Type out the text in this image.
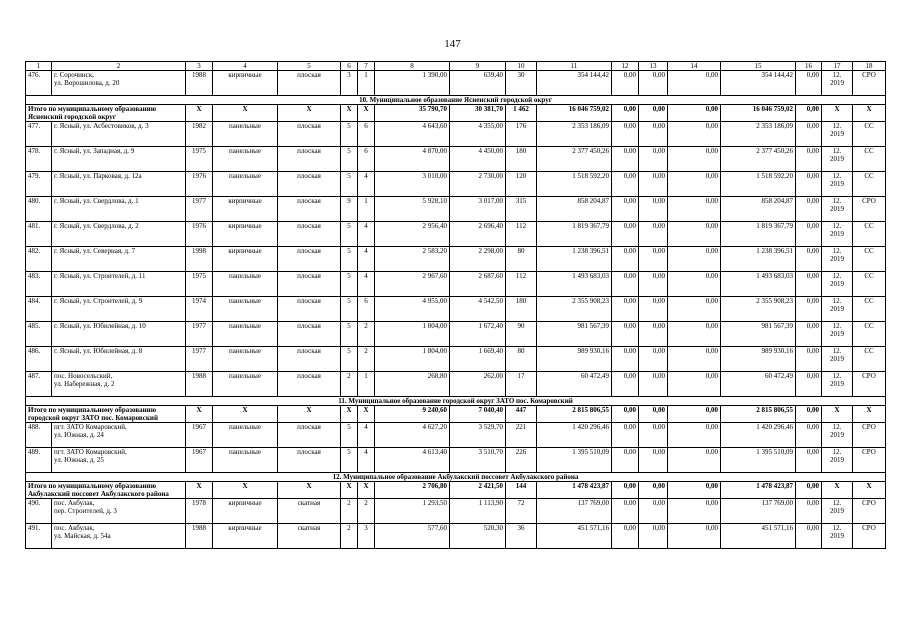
147
1	2	3	4	5	6	7	8	9	10	11	12	13	14	15	16	17	18
476.	г. Сорочинск,
ул. Ворошилова, д. 20	1988	кирпичные	плоская	3	1	1 390,00	639,40	30	354 144,42	0,00	0,00	0,00	354 144,42	0,00	12.
2019	СРО
10. Муниципальное образование Ясненский городской округ																	
Итого по муниципальному образованию Ясненский городской округ		X	X	X	X	X	35 790,70	30 381,70	1 462	16 046 759,02	0,00	0,00	0,00	16 046 759,02	0,00	X	X
477.	г. Ясный, ул. Асбестовиков, д. 3	1982	панельные	плоская	5	6	4 643,60	4 355,00	176	2 353 186,09	0,00	0,00	0,00	2 353 186,09	0,00	12.
2019	СС
478.	г. Ясный, ул. Западная, д. 9	1975	панельные	плоская	5	6	4 870,00	4 450,00	180	2 377 450,26	0,00	0,00	0,00	2 377 450,26	0,00	12.
2019	СС
479.	г. Ясный, ул. Парковая, д. 12а	1976	панельные	плоская	5	4	3 010,00	2 730,00	120	1 518 592,20	0,00	0,00	0,00	1 518 592,20	0,00	12.
2019	СС
480.	г. Ясный, ул. Свердлова, д. 1	1977	кирпичные	плоская	9	1	5 928,10	3 017,00	315	858 204,87	0,00	0,00	0,00	858 204,87	0,00	12.
2019	СРО
481.	г. Ясный, ул. Свердлова, д. 2	1976	кирпичные	плоская	5	4	2 956,40	2 696,40	112	1 819 367,79	0,00	0,00	0,00	1 819 367,79	0,00	12.
2019	СС
482.	г. Ясный, ул. Северная, д. 7	1998	кирпичные	плоская	5	4	2 583,20	2 298,00	80	1 238 396,51	0,00	0,00	0,00	1 238 396,51	0,00	12.
2019	СС
483.	г. Ясный, ул. Строителей, д. 11	1975	панельные	плоская	5	4	2 967,60	2 687,60	112	1 493 683,03	0,00	0,00	0,00	1 493 683,03	0,00	12.
2019	СС
484.	г. Ясный, ул. Строителей, д. 9	1974	панельные	плоская	5	6	4 955,00	4 542,50	180	2 355 908,23	0,00	0,00	0,00	2 355 908,23	0,00	12.
2019	СС
485.	г. Ясный, ул. Юбилейная, д. 10	1977	панельные	плоская	5	2	1 804,00	1 672,40	90	981 567,39	0,00	0,00	0,00	981 567,39	0,00	12.
2019	СС
486.	г. Ясный, ул. Юбилейная, д. 8	1977	панельные	плоская	5	2	1 804,00	1 669,40	80	989 930,16	0,00	0,00	0,00	989 930,16	0,00	12.
2019	СС
487.	пос. Новосельский,
ул. Набережная, д. 2	1988	панельные	плоская	2	1	268,80	262,00	17	60 472,49	0,00	0,00	0,00	60 472,49	0,00	12.
2019	СРО
11. Муниципальное образование городской округ ЗАТО пос. Комаровский																	
Итого по муниципальному образованию городской округ ЗАТО пос. Комаровский		X	X	X	X	X	9 240,60	7 040,40	447	2 815 806,55	0,00	0,00	0,00	2 815 806,55	0,00	X	X
488.	пгт. ЗАТО Комаровский,
ул. Южная, д. 24	1967	панельные	плоская	5	4	4 627,20	3 529,70	221	1 420 296,46	0,00	0,00	0,00	1 420 296,46	0,00	12.
2019	СРО
489.	пгт. ЗАТО Комаровский,
ул. Южная, д. 25	1967	панельные	плоская	5	4	4 613,40	3 510,70	226	1 395 510,09	0,00	0,00	0,00	1 395 510,09	0,00	12.
2019	СРО
12. Муниципальное образование Акбулакский поссовет Акбулакского района																	
Итого по муниципальному образованию Акбулакский поссовет Акбулакского района		X	X	X	X	X	2 706,80	2 421,50	144	1 478 423,87	0,00	0,00	0,00	1 478 423,87	0,00	X	X
490.	пос. Акбулак,
пер. Строителей, д. 3	1978	кирпичные	скатная	2	2	1 293,50	1 113,90	72	137 769,00	0,00	0,00	0,00	137 769,00	0,00	12.
2019	СРО
491.	пос. Акбулак,
ул. Майская, д. 54а	1988	кирпичные	скатная	2	3	577,60	520,30	36	451 571,16	0,00	0,00	0,00	451 571,16	0,00	12.
2019	СРО
